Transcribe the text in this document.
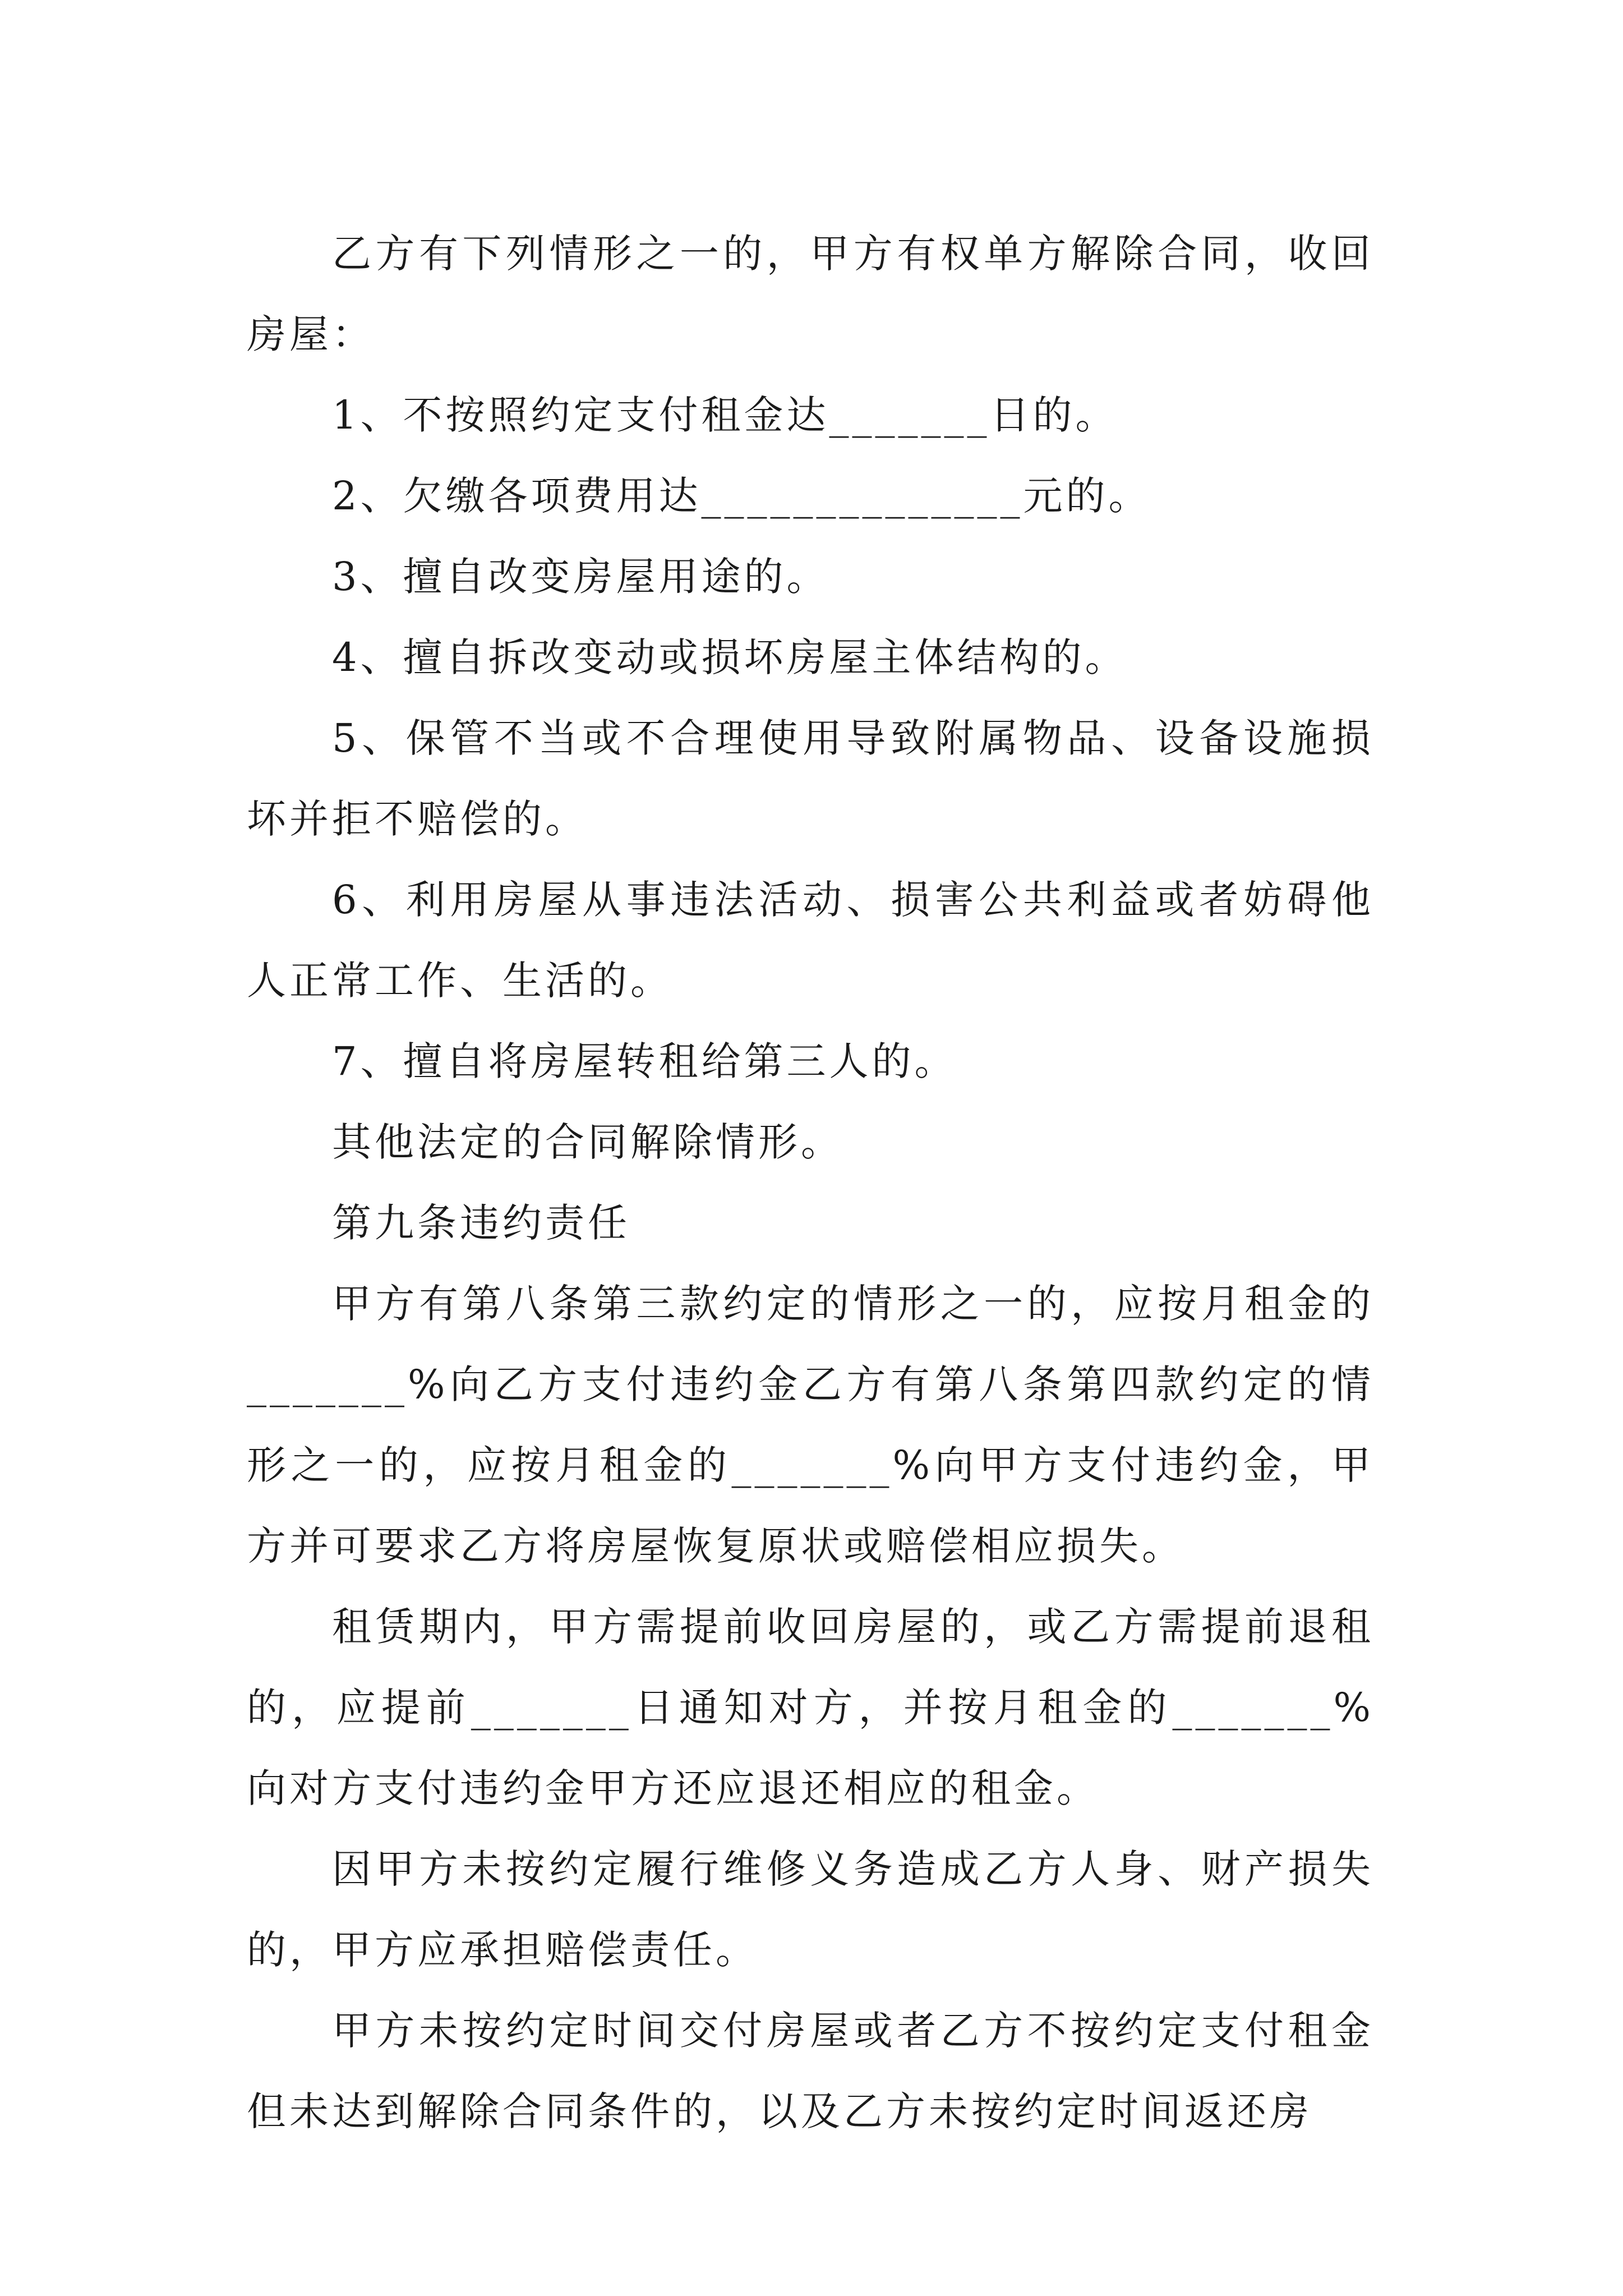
乙方有下列情形之一的，甲方有权单方解除合同，收回房屋：

1、不按照约定支付租金达_______日的。

2、欠缴各项费用达______________元的。

3、擅自改变房屋用途的。

4、擅自拆改变动或损坏房屋主体结构的。

5、保管不当或不合理使用导致附属物品、设备设施损坏并拒不赔偿的。

6、利用房屋从事违法活动、损害公共利益或者妨碍他人正常工作、生活的。

7、擅自将房屋转租给第三人的。

其他法定的合同解除情形。

第九条违约责任

甲方有第八条第三款约定的情形之一的，应按月租金的_______%向乙方支付违约金乙方有第八条第四款约定的情形之一的，应按月租金的_______%向甲方支付违约金，甲方并可要求乙方将房屋恢复原状或赔偿相应损失。

租赁期内，甲方需提前收回房屋的，或乙方需提前退租的，应提前_______日通知对方，并按月租金的_______%向对方支付违约金甲方还应退还相应的租金。

因甲方未按约定履行维修义务造成乙方人身、财产损失的，甲方应承担赔偿责任。

甲方未按约定时间交付房屋或者乙方不按约定支付租金但未达到解除合同条件的，以及乙方未按约定时间返还房
